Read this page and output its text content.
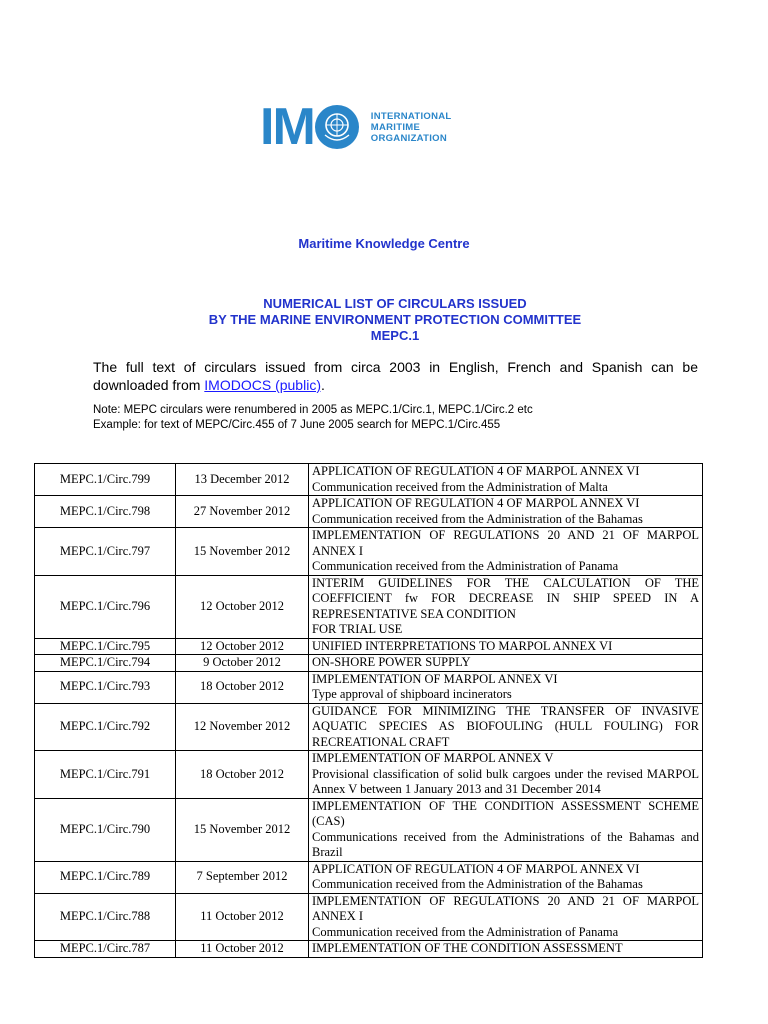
IM	INTERNATIONAL
MARITIME
ORGANIZATION
Maritime Knowledge Centre
NUMERICAL LIST OF CIRCULARS ISSUED
BY THE MARINE ENVIRONMENT PROTECTION COMMITTEE
MEPC.1
The full text of circulars issued from circa 2003 in English, French and Spanish can be downloaded from IMODOCS (public).
Note: MEPC circulars were renumbered in 2005 as MEPC.1/Circ.1, MEPC.1/Circ.2 etc
Example: for text of MEPC/Circ.455 of 7 June 2005 search for MEPC.1/Circ.455
MEPC.1/Circ.799	13 December 2012	APPLICATION OF REGULATION 4 OF MARPOL ANNEX VI
Communication received from the Administration of Malta

MEPC.1/Circ.798	27 November 2012	APPLICATION OF REGULATION 4 OF MARPOL ANNEX VI
Communication received from the Administration of the Bahamas

MEPC.1/Circ.797	15 November 2012	IMPLEMENTATION OF REGULATIONS 20 AND 21 OF MARPOL ANNEX I
Communication received from the Administration of Panama

MEPC.1/Circ.796	12 October 2012	INTERIM GUIDELINES FOR THE CALCULATION OF THE COEFFICIENT fw FOR DECREASE IN SHIP SPEED IN A REPRESENTATIVE SEA CONDITION
FOR TRIAL USE

MEPC.1/Circ.795	12 October 2012	UNIFIED INTERPRETATIONS TO MARPOL ANNEX VI

MEPC.1/Circ.794	9 October 2012	ON-SHORE POWER SUPPLY

MEPC.1/Circ.793	18 October 2012	IMPLEMENTATION OF MARPOL ANNEX VI
Type approval of shipboard incinerators

MEPC.1/Circ.792	12 November 2012	GUIDANCE FOR MINIMIZING THE TRANSFER OF INVASIVE AQUATIC SPECIES AS BIOFOULING (HULL FOULING) FOR RECREATIONAL CRAFT

MEPC.1/Circ.791	18 October 2012	IMPLEMENTATION OF MARPOL ANNEX V
Provisional classification of solid bulk cargoes under the revised MARPOL Annex V between 1 January 2013 and 31 December 2014

MEPC.1/Circ.790	15 November 2012	IMPLEMENTATION OF THE CONDITION ASSESSMENT SCHEME (CAS)
Communications received from the Administrations of the Bahamas and Brazil

MEPC.1/Circ.789	7 September 2012	APPLICATION OF REGULATION 4 OF MARPOL ANNEX VI
Communication received from the Administration of the Bahamas

MEPC.1/Circ.788	11 October 2012	IMPLEMENTATION OF REGULATIONS 20 AND 21 OF MARPOL ANNEX I
Communication received from the Administration of Panama

MEPC.1/Circ.787	11 October 2012	IMPLEMENTATION OF THE CONDITION ASSESSMENT
